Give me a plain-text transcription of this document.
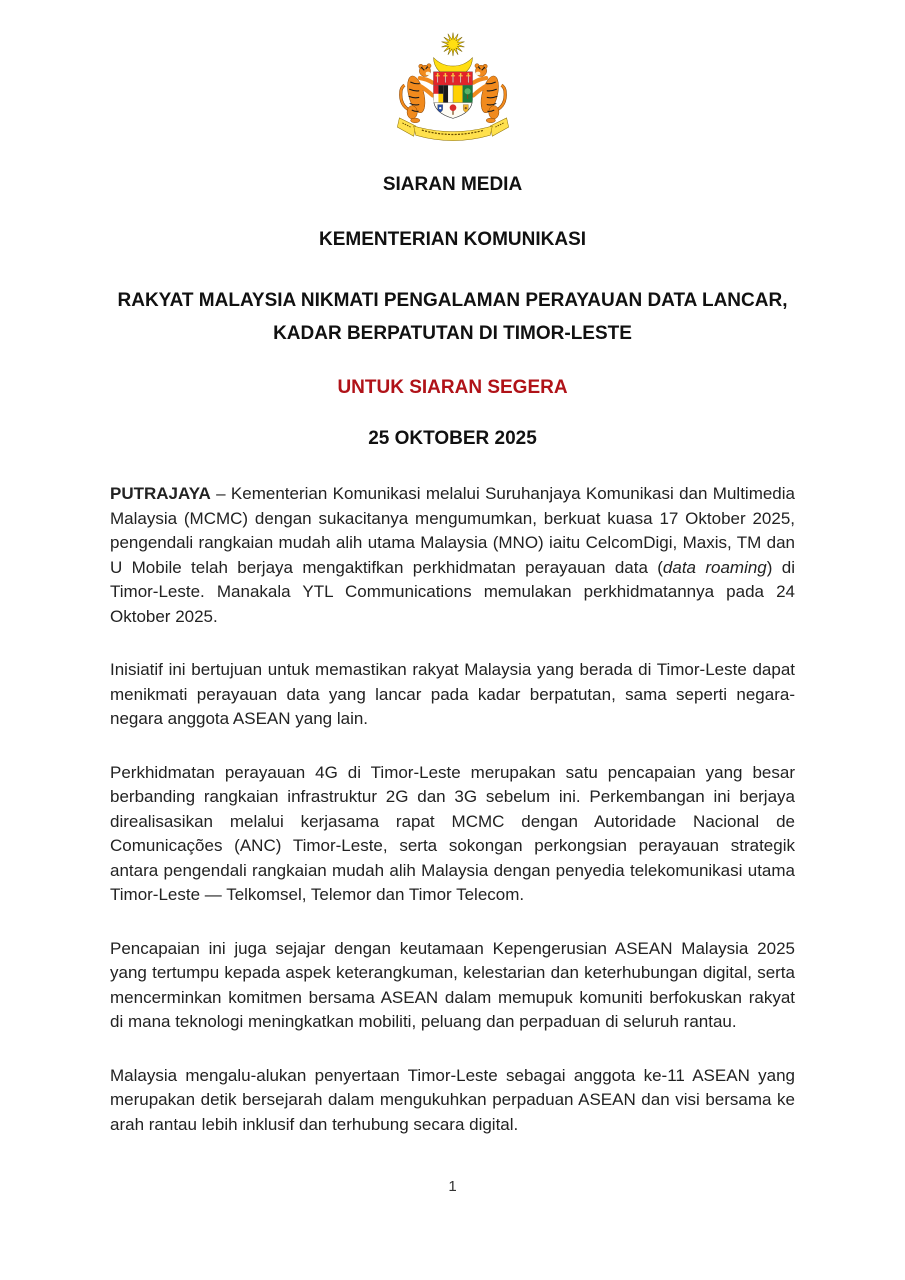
SIARAN MEDIA
KEMENTERIAN KOMUNIKASI
RAKYAT MALAYSIA NIKMATI PENGALAMAN PERAYAUAN DATA LANCAR, KADAR BERPATUTAN DI TIMOR-LESTE
UNTUK SIARAN SEGERA
25 OKTOBER 2025

PUTRAJAYA – Kementerian Komunikasi melalui Suruhanjaya Komunikasi dan Multimedia Malaysia (MCMC) dengan sukacitanya mengumumkan, berkuat kuasa 17 Oktober 2025, pengendali rangkaian mudah alih utama Malaysia (MNO) iaitu CelcomDigi, Maxis, TM dan U Mobile telah berjaya mengaktifkan perkhidmatan perayauan data (data roaming) di Timor-Leste. Manakala YTL Communications memulakan perkhidmatannya pada 24 Oktober 2025.

Inisiatif ini bertujuan untuk memastikan rakyat Malaysia yang berada di Timor-Leste dapat menikmati perayauan data yang lancar pada kadar berpatutan, sama seperti negara-negara anggota ASEAN yang lain.

Perkhidmatan perayauan 4G di Timor-Leste merupakan satu pencapaian yang besar berbanding rangkaian infrastruktur 2G dan 3G sebelum ini. Perkembangan ini berjaya direalisasikan melalui kerjasama rapat MCMC dengan Autoridade Nacional de Comunicações (ANC) Timor-Leste, serta sokongan perkongsian perayauan strategik antara pengendali rangkaian mudah alih Malaysia dengan penyedia telekomunikasi utama Timor-Leste — Telkomsel, Telemor dan Timor Telecom.

Pencapaian ini juga sejajar dengan keutamaan Kepengerusian ASEAN Malaysia 2025 yang tertumpu kepada aspek keterangkuman, kelestarian dan keterhubungan digital, serta mencerminkan komitmen bersama ASEAN dalam memupuk komuniti berfokuskan rakyat di mana teknologi meningkatkan mobiliti, peluang dan perpaduan di seluruh rantau.

Malaysia mengalu-alukan penyertaan Timor-Leste sebagai anggota ke-11 ASEAN yang merupakan detik bersejarah dalam mengukuhkan perpaduan ASEAN dan visi bersama ke arah rantau lebih inklusif dan terhubung secara digital.

1
